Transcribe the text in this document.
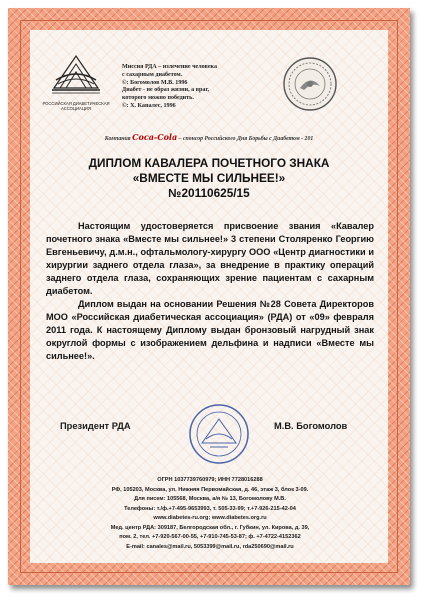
РОССИЙСКАЯ ДИАБЕТИЧЕСКАЯ АССОЦИАЦИЯ
Миссия РДА – излечение человека
с сахарным диабетом.
©: Богомолов М.В. 1996
Диабет - не образ жизни, а враг,
которого можно победить.
©: Х. Каналес, 1996
Компания Coca-Cola – спонсор Российского Дня Борьбы с Диабетом - 201
ДИПЛОМ КАВАЛЕРА ПОЧЕТНОГО ЗНАКА
«ВМЕСТЕ МЫ СИЛЬНЕЕ!»
№20110625/15

Настоящим удостоверяется присвоение звания «Кавалер почетного знака «Вместе мы сильнее!» 3 степени Столяренко Георгию Евгеньевичу, д.м.н., офтальмологу-хирургу ООО «Центр диагностики и хирургии заднего отдела глаза», за внедрение в практику операций заднего отдела глаза, сохраняющих зрение пациентам с сахарным диабетом.

Диплом выдан на основании Решения №28 Совета Директоров МОО «Российская диабетическая ассоциация» (РДА) от «09» февраля 2011 года. К настоящему Диплому выдан бронзовый нагрудный знак округлой формы с изображением дельфина и надписи «Вместе мы сильнее!».

Президент РДА	М.В. Богомолов
ОГРН 1037739760979; ИНН 7728016288
РФ, 105203, Москва, ул. Нижняя Первомайская, д. 46, этаж 3, блок 3-09.
Для писем: 105568, Москва, а/я № 13, Богомолову М.В.
Телефоны: т./ф.+7-495-9653993, т. 505-33-99; т.+7-926-215-42-04
www.diabetes-ru.org; www.diabetes.org.ru
Мед. центр РДА: 309187, Белгородская обл., г. Губкин, ул. Кирова, д. 39,
пом. 2, тел. +7-920-567-00-55, +7-910-745-53-87; ф. +7-4722-4152362
E-mail: canales@mail.ru, 5053399@mail.ru, rda250690@mail.ru
